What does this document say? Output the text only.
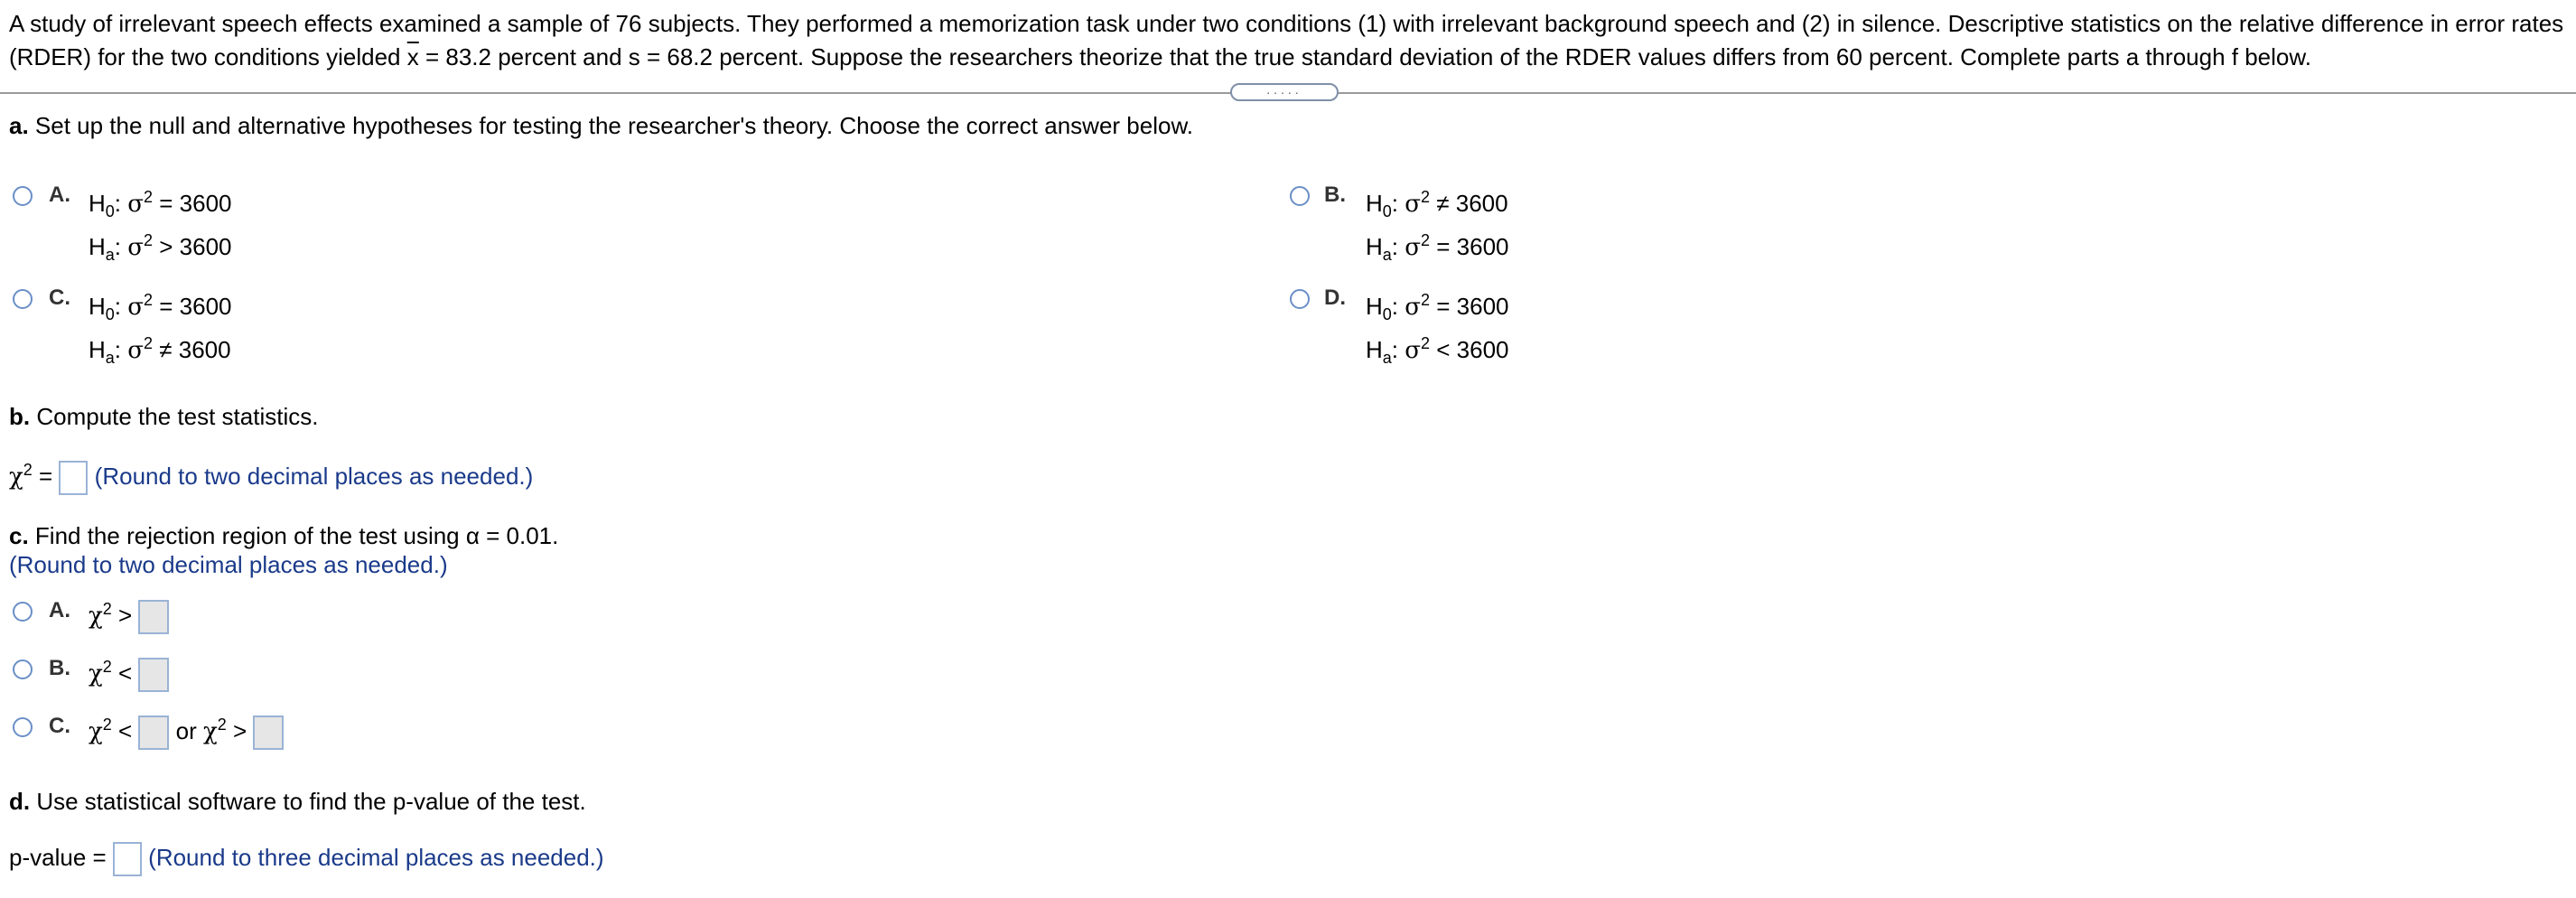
A study of irrelevant speech effects examined a sample of 76 subjects. They performed a memorization task under two conditions (1) with irrelevant background speech and (2) in silence. Descriptive statistics on the relative difference in error rates (RDER) for the two conditions yielded $\overline{x} = 83.2$ percent and s = 68.2 percent. Suppose the researchers theorize that the true standard deviation of the RDER values differs from 60 percent. Complete parts a through f below.
.....
a. Set up the null and alternative hypotheses for testing the researcher's theory. Choose the correct answer below.
A. $H_0$: $\sigma^2 = 3600$
$H_a$: $\sigma^2 > 3600$
B. $H_0$: $\sigma^2 \ne 3600$
$H_a$: $\sigma^2 = 3600$
C. $H_0$: $\sigma^2 = 3600$
$H_a$: $\sigma^2 \ne 3600$
D. $H_0$: $\sigma^2 = 3600$
$H_a$: $\sigma^2 < 3600$
b. Compute the test statistics.
$\chi^2$ = (Round to two decimal places as needed.)
c. Find the rejection region of the test using α = 0.01.
(Round to two decimal places as needed.)
A. $\chi^2$ >
B. $\chi^2$ <
C. $\chi^2$ < or $\chi^2$ >
d. Use statistical software to find the p-value of the test.
p-value = (Round to three decimal places as needed.)
